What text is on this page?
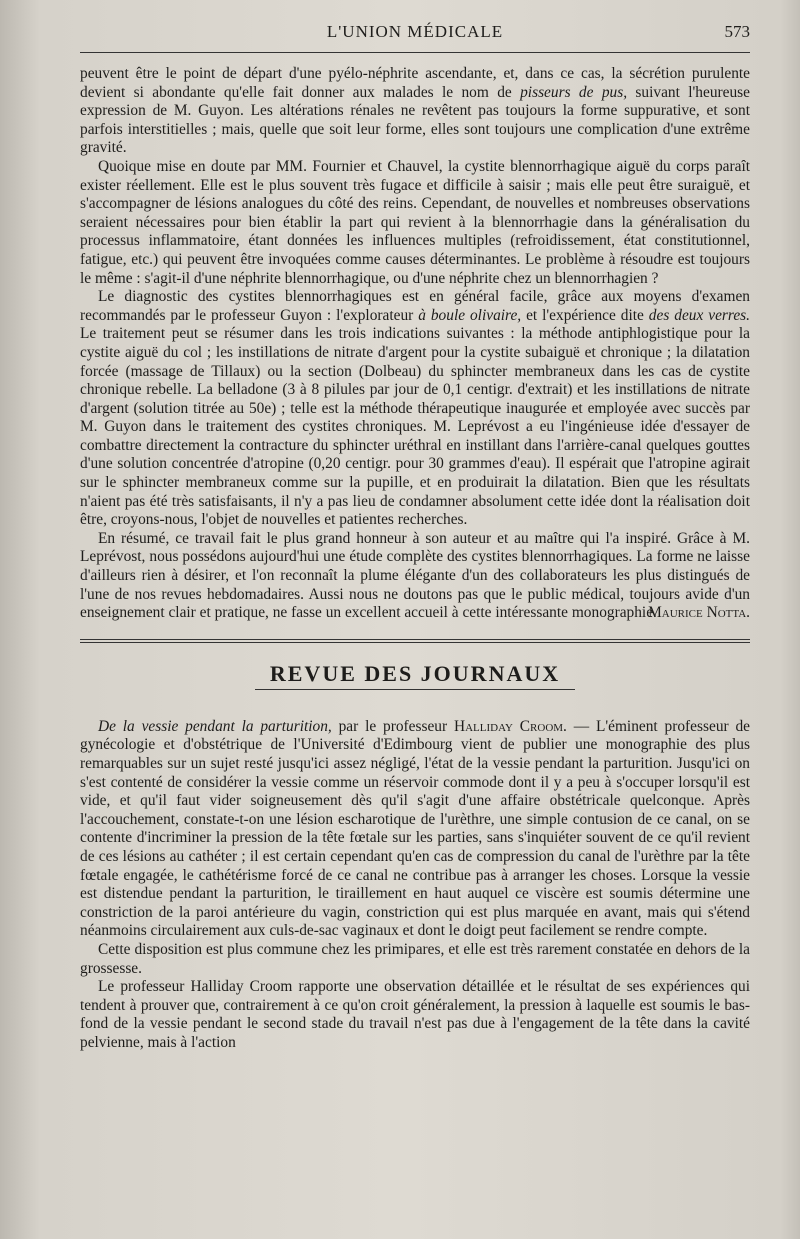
L'UNION MÉDICALE	573

peuvent être le point de départ d'une pyélo-néphrite ascendante, et, dans ce cas, la sécrétion purulente devient si abondante qu'elle fait donner aux malades le nom de pisseurs de pus, suivant l'heureuse expression de M. Guyon. Les altérations rénales ne revêtent pas toujours la forme suppurative, et sont parfois interstitielles ; mais, quelle que soit leur forme, elles sont toujours une complication d'une extrême gravité.

Quoique mise en doute par MM. Fournier et Chauvel, la cystite blennorrhagique aiguë du corps paraît exister réellement. Elle est le plus souvent très fugace et difficile à saisir ; mais elle peut être suraiguë, et s'accompagner de lésions analogues du côté des reins. Cependant, de nouvelles et nombreuses observations seraient nécessaires pour bien établir la part qui revient à la blennorrhagie dans la généralisation du processus inflammatoire, étant données les influences multiples (refroidissement, état constitutionnel, fatigue, etc.) qui peuvent être invoquées comme causes déterminantes. Le problème à résoudre est toujours le même : s'agit-il d'une néphrite blennorrhagique, ou d'une néphrite chez un blennorrhagien ?

Le diagnostic des cystites blennorrhagiques est en général facile, grâce aux moyens d'examen recommandés par le professeur Guyon : l'explorateur à boule olivaire, et l'expérience dite des deux verres. Le traitement peut se résumer dans les trois indications suivantes : la méthode antiphlogistique pour la cystite aiguë du col ; les instillations de nitrate d'argent pour la cystite subaiguë et chronique ; la dilatation forcée (massage de Tillaux) ou la section (Dolbeau) du sphincter membraneux dans les cas de cystite chronique rebelle. La belladone (3 à 8 pilules par jour de 0,1 centigr. d'extrait) et les instillations de nitrate d'argent (solution titrée au 50e) ; telle est la méthode thérapeutique inaugurée et employée avec succès par M. Guyon dans le traitement des cystites chroniques. M. Leprévost a eu l'ingénieuse idée d'essayer de combattre directement la contracture du sphincter uréthral en instillant dans l'arrière-canal quelques gouttes d'une solution concentrée d'atropine (0,20 centigr. pour 30 grammes d'eau). Il espérait que l'atropine agirait sur le sphincter membraneux comme sur la pupille, et en produirait la dilatation. Bien que les résultats n'aient pas été très satisfaisants, il n'y a pas lieu de condamner absolument cette idée dont la réalisation doit être, croyons-nous, l'objet de nouvelles et patientes recherches.

En résumé, ce travail fait le plus grand honneur à son auteur et au maître qui l'a inspiré. Grâce à M. Leprévost, nous possédons aujourd'hui une étude complète des cystites blennorrhagiques. La forme ne laisse d'ailleurs rien à désirer, et l'on reconnaît la plume élégante d'un des collaborateurs les plus distingués de l'une de nos revues hebdomadaires. Aussi nous ne doutons pas que le public médical, toujours avide d'un enseignement clair et pratique, ne fasse un excellent accueil à cette intéressante monographie.

Maurice Notta.
REVUE DES JOURNAUX

De la vessie pendant la parturition, par le professeur Halliday Croom. — L'éminent professeur de gynécologie et d'obstétrique de l'Université d'Edimbourg vient de publier une monographie des plus remarquables sur un sujet resté jusqu'ici assez négligé, l'état de la vessie pendant la parturition. Jusqu'ici on s'est contenté de considérer la vessie comme un réservoir commode dont il y a peu à s'occuper lorsqu'il est vide, et qu'il faut vider soigneusement dès qu'il s'agit d'une affaire obstétricale quelconque. Après l'accouchement, constate-t-on une lésion escharotique de l'urèthre, une simple contusion de ce canal, on se contente d'incriminer la pression de la tête fœtale sur les parties, sans s'inquiéter souvent de ce qu'il revient de ces lésions au cathéter ; il est certain cependant qu'en cas de compression du canal de l'urèthre par la tête fœtale engagée, le cathétérisme forcé de ce canal ne contribue pas à arranger les choses. Lorsque la vessie est distendue pendant la parturition, le tiraillement en haut auquel ce viscère est soumis détermine une constriction de la paroi antérieure du vagin, constriction qui est plus marquée en avant, mais qui s'étend néanmoins circulairement aux culs-de-sac vaginaux et dont le doigt peut facilement se rendre compte.

Cette disposition est plus commune chez les primipares, et elle est très rarement constatée en dehors de la grossesse.

Le professeur Halliday Croom rapporte une observation détaillée et le résultat de ses expériences qui tendent à prouver que, contrairement à ce qu'on croit généralement, la pression à laquelle est soumis le bas-fond de la vessie pendant le second stade du travail n'est pas due à l'engagement de la tête dans la cavité pelvienne, mais à l'action
